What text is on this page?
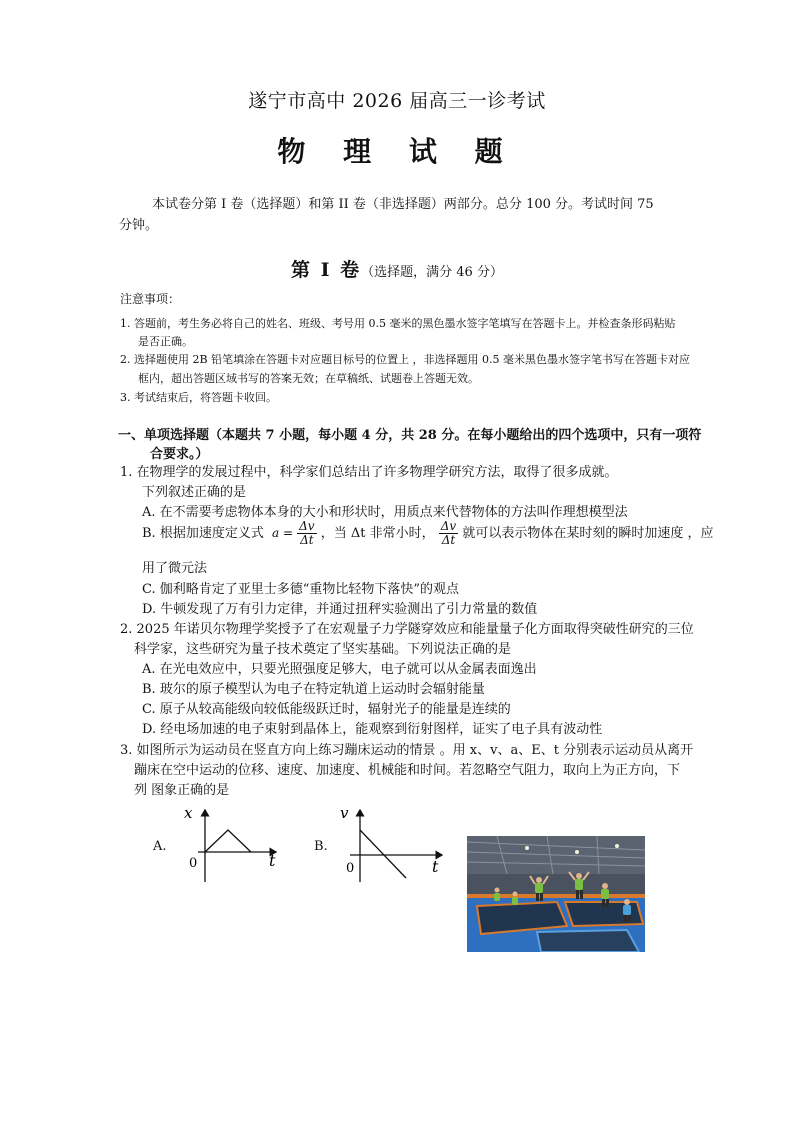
遂宁市高中 2026 届高三一诊考试
物 理 试 题
本试卷分第 I 卷（选择题）和第 II 卷（非选择题）两部分。总分 100 分。考试时间 75
分钟。
第 Ⅰ 卷（选择题，满分 46 分）
注意事项：
1. 答题前，考生务必将自己的姓名、班级、考号用 0.5 毫米的黑色墨水签字笔填写在答题卡上。并检查条形码粘贴
是否正确。
2. 选择题使用 2B 铅笔填涂在答题卡对应题目标号的位置上 ，非选择题用 0.5 毫米黑色墨水签字笔书写在答题卡对应
框内，超出答题区域书写的答案无效；在草稿纸、试题卷上答题无效。
3. 考试结束后，将答题卡收回。
一、单项选择题（本题共 7 小题，每小题 4 分，共 28 分。在每小题给出的四个选项中，只有一项符
合要求。）
1. 在物理学的发展过程中，科学家们总结出了许多物理学研究方法，取得了很多成就。
下列叙述正确的是
A. 在不需要考虑物体本身的大小和形状时，用质点来代替物体的方法叫作理想模型法
B. 根据加速度定义式 $a = \frac{\Delta v}{\Delta t}$ ，当 Δt 非常小时， $\frac{\Delta v}{\Delta t}$ 就可以表示物体在某时刻的瞬时加速度 ，应
用了微元法
C. 伽利略肯定了亚里士多德“重物比轻物下落快”的观点
D. 牛顿发现了万有引力定律，并通过扭秤实验测出了引力常量的数值
2. 2025 年诺贝尔物理学奖授予了在宏观量子力学隧穿效应和能量量子化方面取得突破性研究的三位
科学家，这些研究为量子技术奠定了坚实基础。下列说法正确的是
A. 在光电效应中，只要光照强度足够大，电子就可以从金属表面逸出
B. 玻尔的原子模型认为电子在特定轨道上运动时会辐射能量
C. 原子从较高能级向较低能级跃迁时，辐射光子的能量是连续的
D. 经电场加速的电子束射到晶体上，能观察到衍射图样，证实了电子具有波动性
3. 如图所示为运动员在竖直方向上练习蹦床运动的情景 。用 x、v、a、E、t 分别表示运动员从离开
蹦床在空中运动的位移、速度、加速度、机械能和时间。若忽略空气阻力，取向上为正方向，下
列 图象正确的是
A.
x
t
0
B.
v
t
0
